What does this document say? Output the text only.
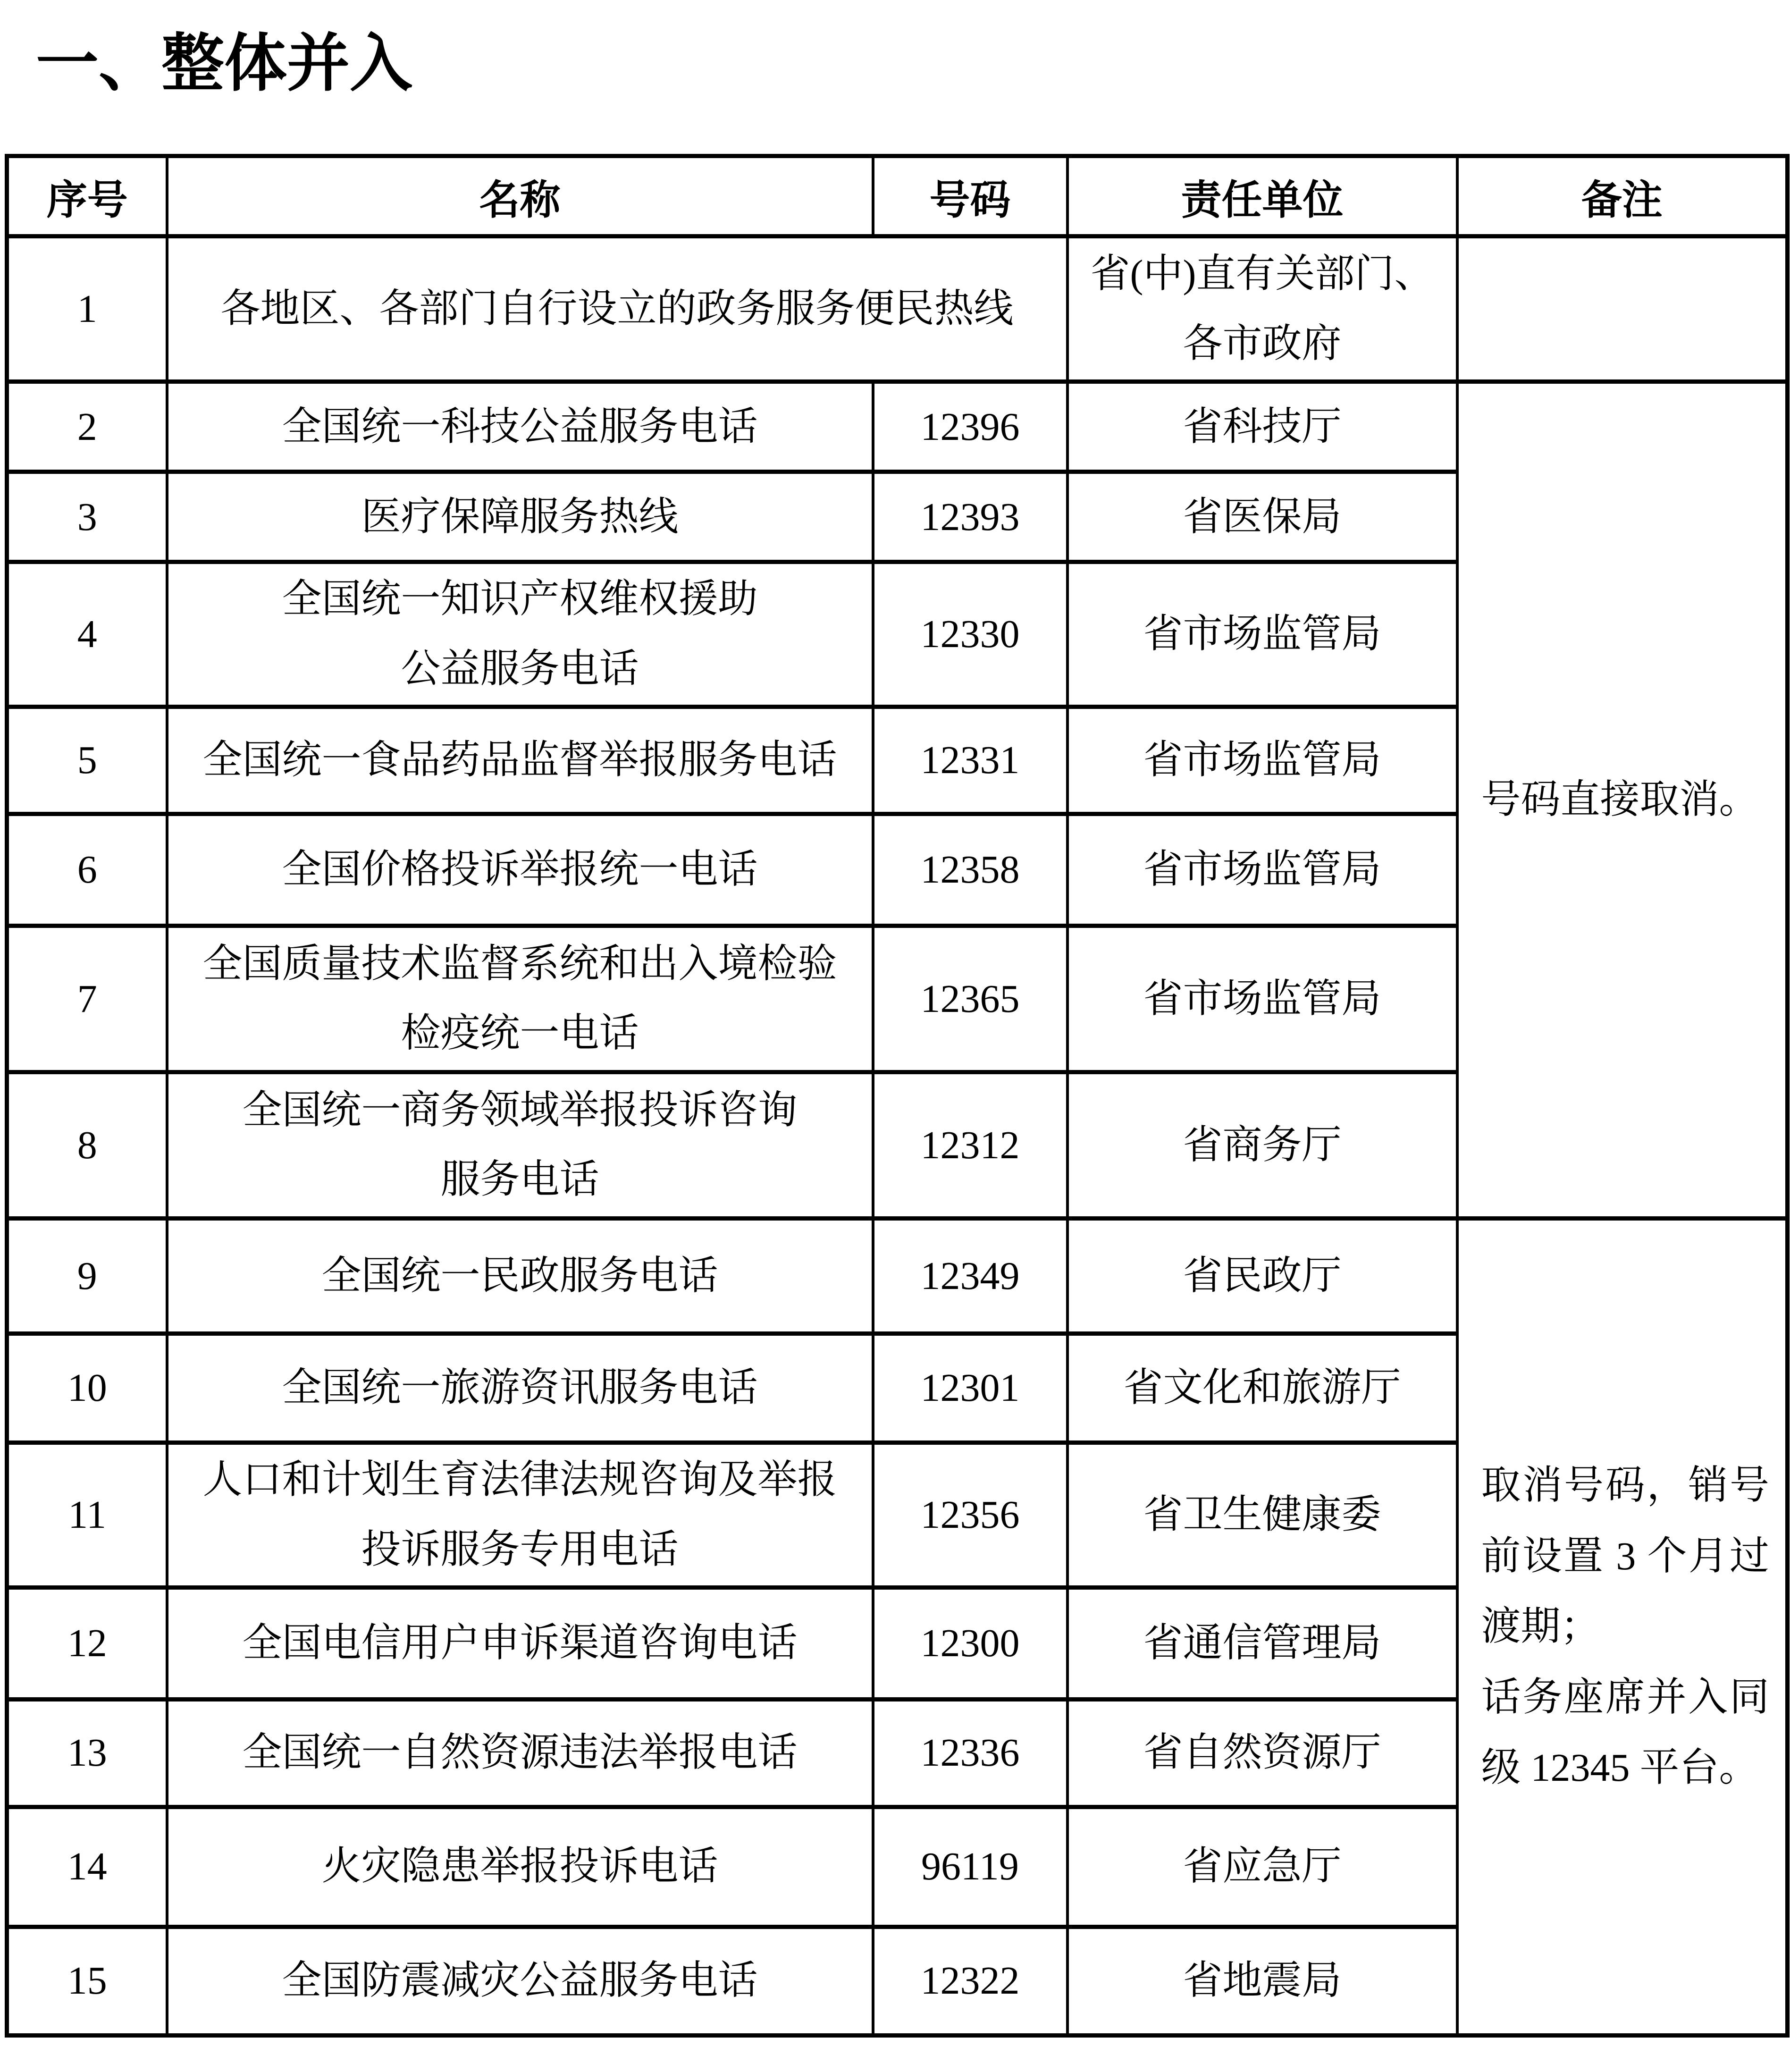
一、整体并入
序号	名称	号码	责任单位	备注
1	各地区、各部门自行设立的政务服务便民热线		省(中)直有关部门、
各市政府	

2	全国统一科技公益服务电话	12396	省科技厅	号码直接取消。

3	医疗保障服务热线	12393	省医保局	
4	全国统一知识产权维权援助
公益服务电话	12330	省市场监管局	
5	全国统一食品药品监督举报服务电话	12331	省市场监管局	
6	全国价格投诉举报统一电话	12358	省市场监管局	
7	全国质量技术监督系统和出入境检验
检疫统一电话	12365	省市场监管局	
8	全国统一商务领域举报投诉咨询
服务电话	12312	省商务厅	
9	全国统一民政服务电话	12349	省民政厅	取消号码，销号
前设置 3 个月过
渡期；
话务座席并入同
级 12345 平台。

10	全国统一旅游资讯服务电话	12301	省文化和旅游厅	
11	人口和计划生育法律法规咨询及举报
投诉服务专用电话	12356	省卫生健康委	
12	全国电信用户申诉渠道咨询电话	12300	省通信管理局	
13	全国统一自然资源违法举报电话	12336	省自然资源厅	
14	火灾隐患举报投诉电话	96119	省应急厅	
15	全国防震减灾公益服务电话	12322	省地震局	
